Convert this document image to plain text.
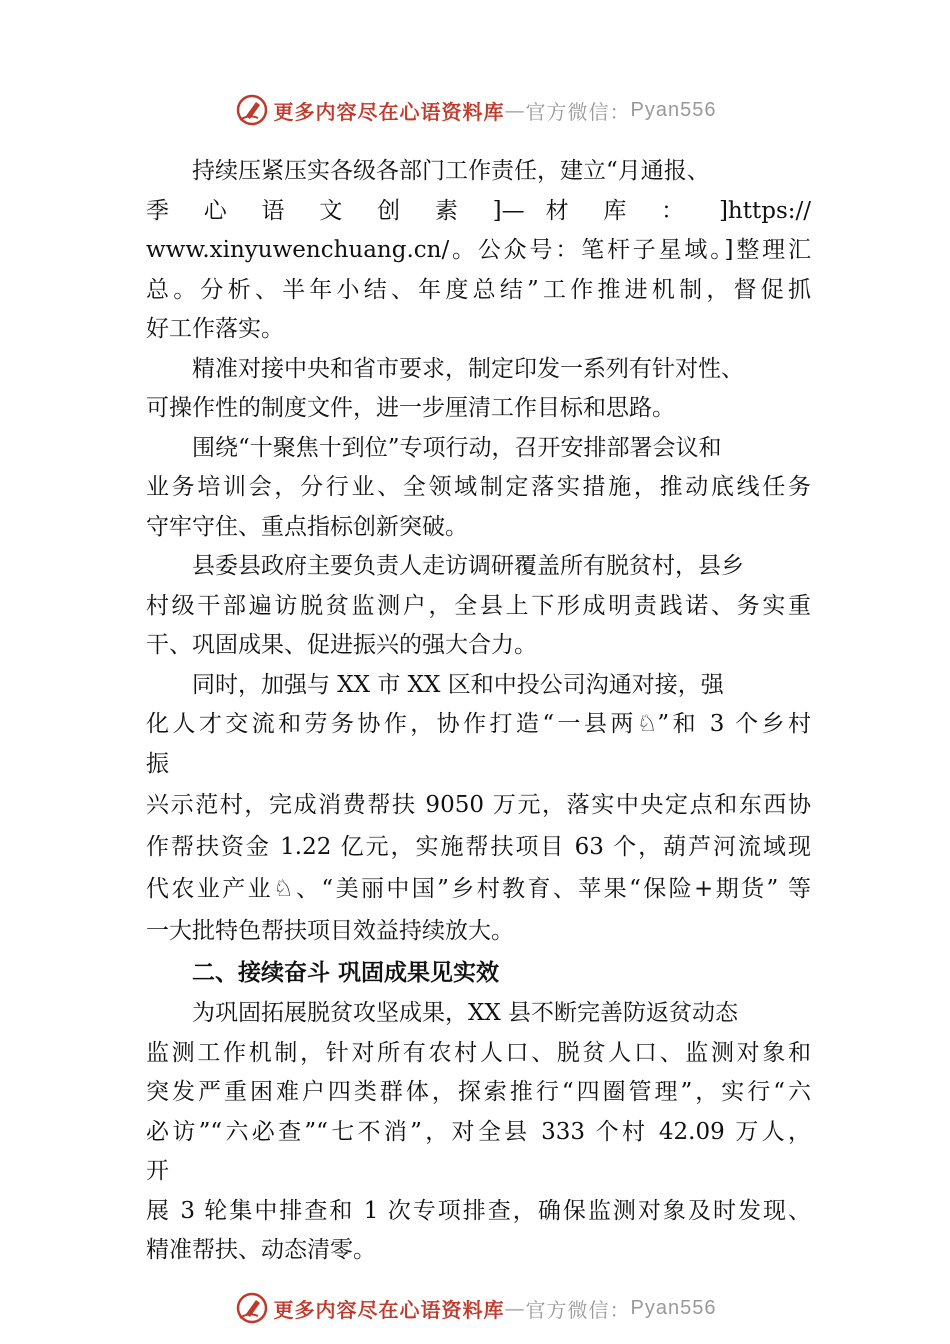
更多内容尽在心语资料库 — 官方微信： Pyan556

持续压紧压实各级各部门工作责任，建立“月通报、

季 心 语 文 创 素 ]— 材 库 ： ]https://

www.xinyuwenchuang.cn/。公众号：笔杆子星域。]整理汇

总。分析、半年小结、年度总结”工作推进机制，督促抓

好工作落实。

精准对接中央和省市要求，制定印发一系列有针对性、

可操作性的制度文件，进一步厘清工作目标和思路。

围绕“十聚焦十到位”专项行动，召开安排部署会议和

业务培训会，分行业、全领域制定落实措施，推动底线任务

守牢守住、重点指标创新突破。

县委县政府主要负责人走访调研覆盖所有脱贫村，县乡

村级干部遍访脱贫监测户，全县上下形成明责践诺、务实重

干、巩固成果、促进振兴的强大合力。

同时，加强与 XX 市 XX 区和中投公司沟通对接，强

化人才交流和劳务协作，协作打造“一县两♘”和 3 个乡村

振

兴示范村，完成消费帮扶 9050 万元，落实中央定点和东西协

作帮扶资金 1.22 亿元，实施帮扶项目 63 个，葫芦河流域现

代农业产业♘、“美丽中国”乡村教育、苹果“保险+期货” 等

一大批特色帮扶项目效益持续放大。

二、接续奋斗 巩固成果见实效

为巩固拓展脱贫攻坚成果，XX 县不断完善防返贫动态

监测工作机制，针对所有农村人口、脱贫人口、监测对象和

突发严重困难户四类群体，探索推行“四圈管理”，实行“六

必访”“六必查”“七不消”，对全县 333 个村 42.09 万人，

开

展 3 轮集中排查和 1 次专项排查，确保监测对象及时发现、

精准帮扶、动态清零。

更多内容尽在心语资料库 — 官方微信： Pyan556
